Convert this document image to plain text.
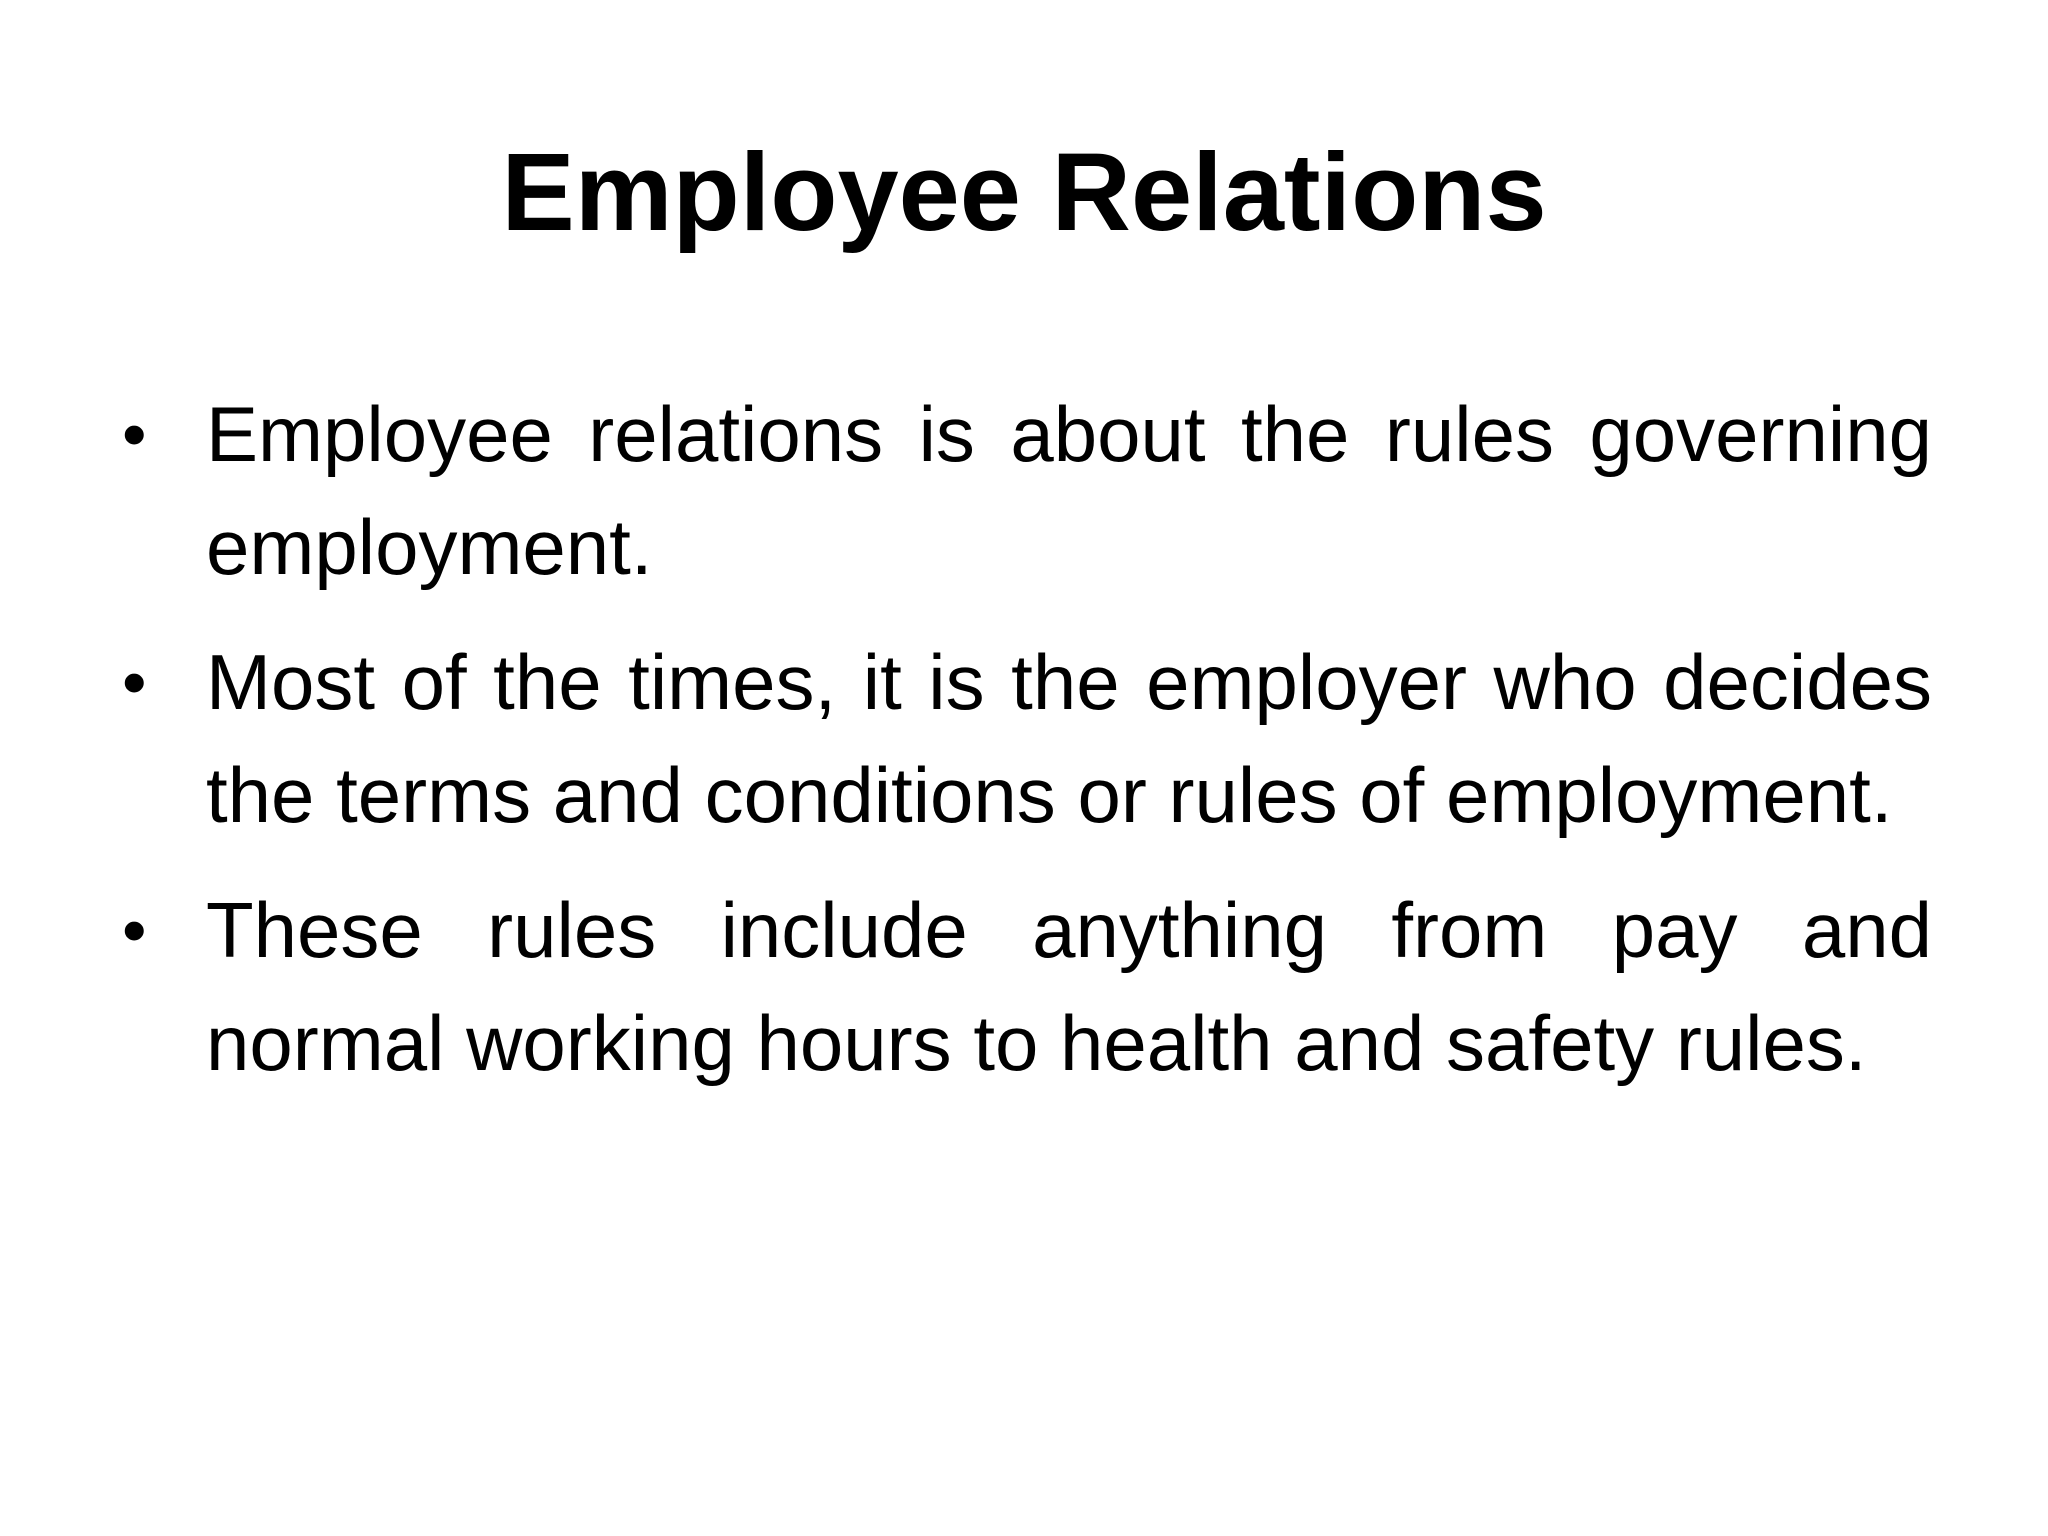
Employee Relations
• Employee relations is about the rules governing employment.
• Most of the times, it is the employer who decides the terms and conditions or rules of employment.
• These rules include anything from pay and normal working hours to health and safety rules.
